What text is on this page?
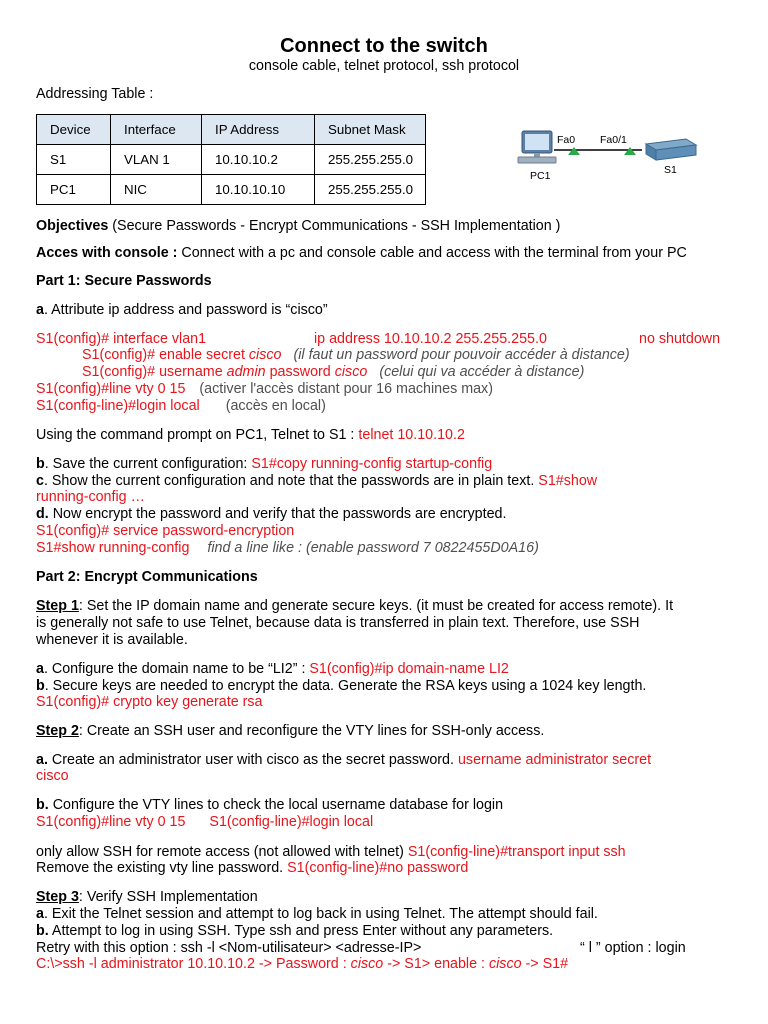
Connect to the switch
console cable, telnet protocol, ssh protocol
Addressing Table :
Device	Interface	IP Address	Subnet Mask
S1	VLAN 1	10.10.10.2	255.255.255.0
PC1	NIC	10.10.10.10	255.255.255.0
Fa0 Fa0/1
PC1	S1
Objectives (Secure Passwords - Encrypt Communications - SSH Implementation )
Acces with console : Connect with a pc and console cable and access with the terminal from your PC
Part 1: Secure Passwords
a. Attribute ip address and password is “cisco”
S1(config)# interface vlan1	ip address 10.10.10.2 255.255.255.0	no shutdown
S1(config)# enable secret cisco (il faut un password pour pouvoir accéder à distance)
S1(config)# username admin password cisco (celui qui va accéder à distance)
S1(config)#line vty 0 15 (activer l'accès distant pour 16 machines max)
S1(config-line)#login local (accès en local)
Using the command prompt on PC1, Telnet to S1 : telnet 10.10.10.2
b. Save the current configuration: S1#copy running-config startup-config
c. Show the current configuration and note that the passwords are in plain text. S1#show
running-config …
d. Now encrypt the password and verify that the passwords are encrypted.
S1(config)# service password-encryption
S1#show running-config find a line like : (enable password 7 0822455D0A16)
Part 2: Encrypt Communications
Step 1: Set the IP domain name and generate secure keys. (it must be created for access remote). It
is generally not safe to use Telnet, because data is transferred in plain text. Therefore, use SSH
whenever it is available.
a. Configure the domain name to be “LI2” : S1(config)#ip domain-name LI2
b. Secure keys are needed to encrypt the data. Generate the RSA keys using a 1024 key length.
S1(config)# crypto key generate rsa
Step 2: Create an SSH user and reconfigure the VTY lines for SSH-only access.
a. Create an administrator user with cisco as the secret password. username administrator secret
cisco
b. Configure the VTY lines to check the local username database for login
S1(config)#line vty 0 15 S1(config-line)#login local
only allow SSH for remote access (not allowed with telnet) S1(config-line)#transport input ssh
Remove the existing vty line password. S1(config-line)#no password
Step 3: Verify SSH Implementation
a. Exit the Telnet session and attempt to log back in using Telnet. The attempt should fail.
b. Attempt to log in using SSH. Type ssh and press Enter without any parameters.
Retry with this option : ssh -l <Nom-utilisateur> <adresse-IP>	“ l ” option : login
C:\>ssh -l administrator 10.10.10.2 -> Password : cisco -> S1> enable : cisco -> S1#
